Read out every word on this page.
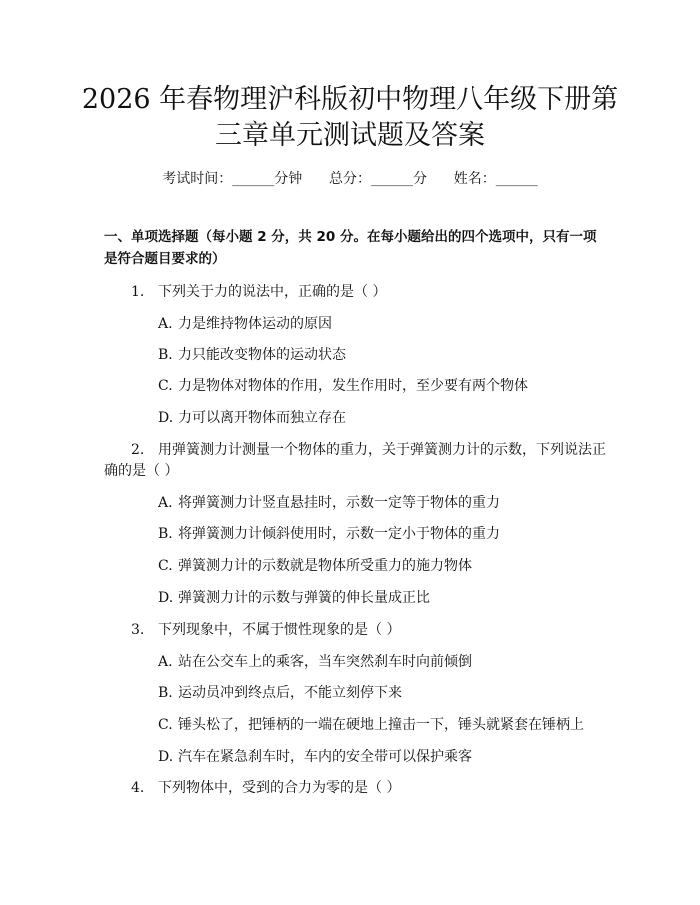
2026 年春物理沪科版初中物理八年级下册第
三章单元测试题及答案
考试时间：______分钟      总分：______分      姓名：______
一、单项选择题（每小题 2 分，共 20 分。在每小题给出的四个选项中，只有一项
是符合题目要求的）
1. 下列关于力的说法中，正确的是（ ）
A. 力是维持物体运动的原因
B. 力只能改变物体的运动状态
C. 力是物体对物体的作用，发生作用时，至少要有两个物体
D. 力可以离开物体而独立存在
2. 用弹簧测力计测量一个物体的重力，关于弹簧测力计的示数，下列说法正
确的是（ ）
A. 将弹簧测力计竖直悬挂时，示数一定等于物体的重力
B. 将弹簧测力计倾斜使用时，示数一定小于物体的重力
C. 弹簧测力计的示数就是物体所受重力的施力物体
D. 弹簧测力计的示数与弹簧的伸长量成正比
3. 下列现象中，不属于惯性现象的是（ ）
A. 站在公交车上的乘客，当车突然刹车时向前倾倒
B. 运动员冲到终点后，不能立刻停下来
C. 锤头松了，把锤柄的一端在硬地上撞击一下，锤头就紧套在锤柄上
D. 汽车在紧急刹车时，车内的安全带可以保护乘客
4. 下列物体中，受到的合力为零的是（ ）
